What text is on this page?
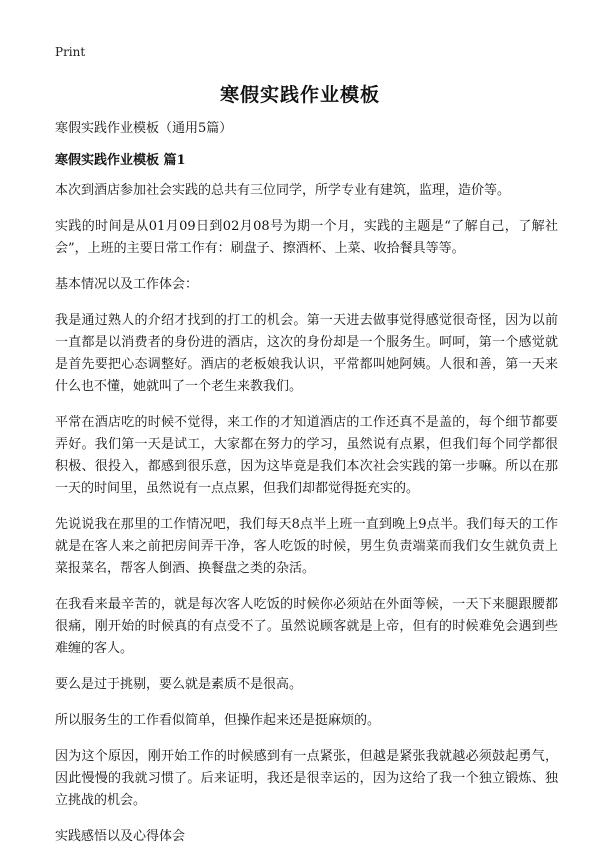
Print
寒假实践作业模板

寒假实践作业模板（通用5篇）

寒假实践作业模板 篇1

本次到酒店参加社会实践的总共有三位同学，所学专业有建筑，监理，造价等。

实践的时间是从01月09日到02月08号为期一个月，实践的主题是“了解自己，了解社会”，上班的主要日常工作有：刷盘子、擦酒杯、上菜、收拾餐具等等。

基本情况以及工作体会：

我是通过熟人的介绍才找到的打工的机会。第一天进去做事觉得感觉很奇怪，因为以前一直都是以消费者的身份进的酒店，这次的身份却是一个服务生。呵呵，第一个感觉就是首先要把心态调整好。酒店的老板娘我认识，平常都叫她阿姨。人很和善，第一天来什么也不懂，她就叫了一个老生来教我们。

平常在酒店吃的时候不觉得，来工作的才知道酒店的工作还真不是盖的，每个细节都要弄好。我们第一天是试工，大家都在努力的学习，虽然说有点累，但我们每个同学都很积极、很投入，都感到很乐意，因为这毕竟是我们本次社会实践的第一步嘛。所以在那一天的时间里，虽然说有一点点累，但我们却都觉得挺充实的。

先说说我在那里的工作情况吧，我们每天8点半上班一直到晚上9点半。我们每天的工作就是在客人来之前把房间弄干净，客人吃饭的时候，男生负责端菜而我们女生就负责上菜报菜名，帮客人倒酒、换餐盘之类的杂活。

在我看来最辛苦的，就是每次客人吃饭的时候你必须站在外面等候，一天下来腿跟腰都很痛，刚开始的时候真的有点受不了。虽然说顾客就是上帝，但有的时候难免会遇到些难缠的客人。

要么是过于挑剔，要么就是素质不是很高。

所以服务生的工作看似简单，但操作起来还是挺麻烦的。

因为这个原因，刚开始工作的时候感到有一点紧张，但越是紧张我就越必须鼓起勇气，因此慢慢的我就习惯了。后来证明，我还是很幸运的，因为这给了我一个独立锻炼、独立挑战的机会。

实践感悟以及心得体会
